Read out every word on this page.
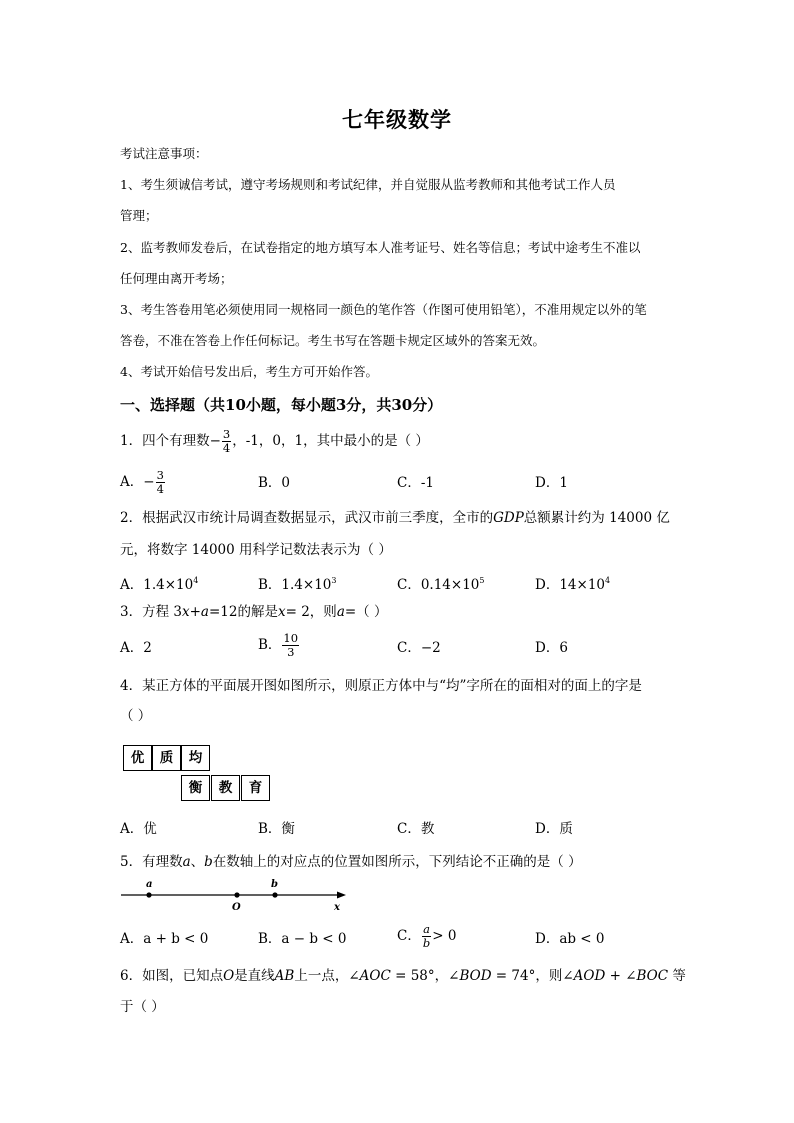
七年级数学
考试注意事项：
1、考生须诚信考试，遵守考场规则和考试纪律，并自觉服从监考教师和其他考试工作人员
管理；
2、监考教师发卷后，在试卷指定的地方填写本人准考证号、姓名等信息；考试中途考生不准以
任何理由离开考场；
3、考生答卷用笔必须使用同一规格同一颜色的笔作答（作图可使用铅笔），不准用规定以外的笔
答卷，不准在答卷上作任何标记。考生书写在答题卡规定区域外的答案无效。
4、考试开始信号发出后，考生方可开始作答。
一、选择题（共10小题，每小题3分，共30分）
1．四个有理数− $\frac{3}{4}$ ，-1，0，1，其中最小的是（ ）
A．− $\frac{3}{4}$	B．0	C．-1	D．1
2．根据武汉市统计局调查数据显示，武汉市前三季度，全市的GDP总额累计约为 14000 亿
元，将数字 14000 用科学记数法表示为（ ）
A．$1.4\times 10^4$	B．$1.4\times 10^3$	C．$0.14\times 10^5$	D．$14\times 10^4$
3．方程 3x+a=12的解是x= 2，则a=（ ）
A．2	B． $\frac{10}{3}$	C．−2	D．6
4．某正方体的平面展开图如图所示，则原正方体中与“均”字所在的面相对的面上的字是
（ ）
优	质	均
衡	教	育
A．优	B．衡	C．教	D．质
5．有理数a、b在数轴上的对应点的位置如图所示，下列结论不正确的是（ ）
a	b
O	x
A．a + b < 0	B．a − b < 0	C． $\frac{a}{b} > 0$	D．ab < 0
6．如图，已知点O是直线AB上一点，∠AOC = 58°，∠BOD = 74°，则∠AOD + ∠BOC 等
于（ ）
